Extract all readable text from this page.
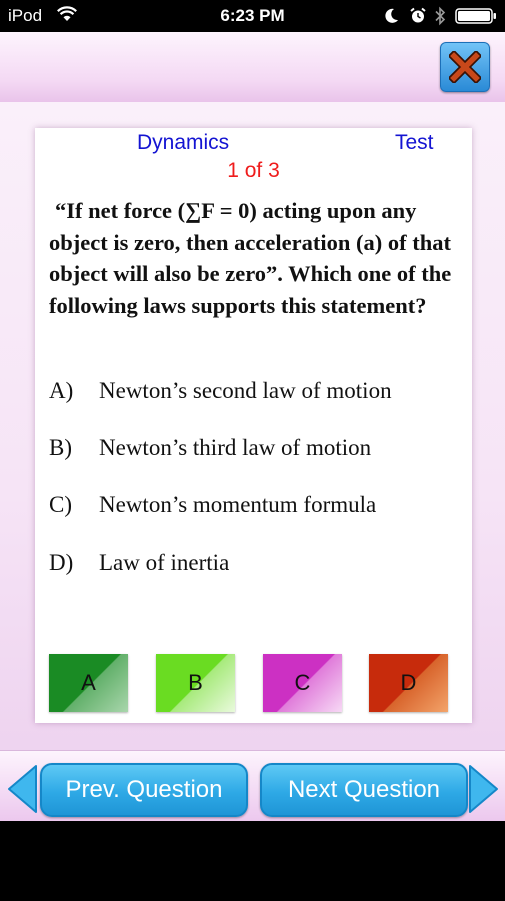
iPod	6:23 PM
Dynamics	Test
1 of 3

“If net force (∑F = 0) acting upon any object is zero, then acceleration (a) of that object will also be zero”. Which one of the following laws supports this statement?

A) Newton’s second law of motion
B) Newton’s third law of motion
C) Newton’s momentum formula
D) Law of inertia
A	B	C	D
Prev. Question	Next Question
